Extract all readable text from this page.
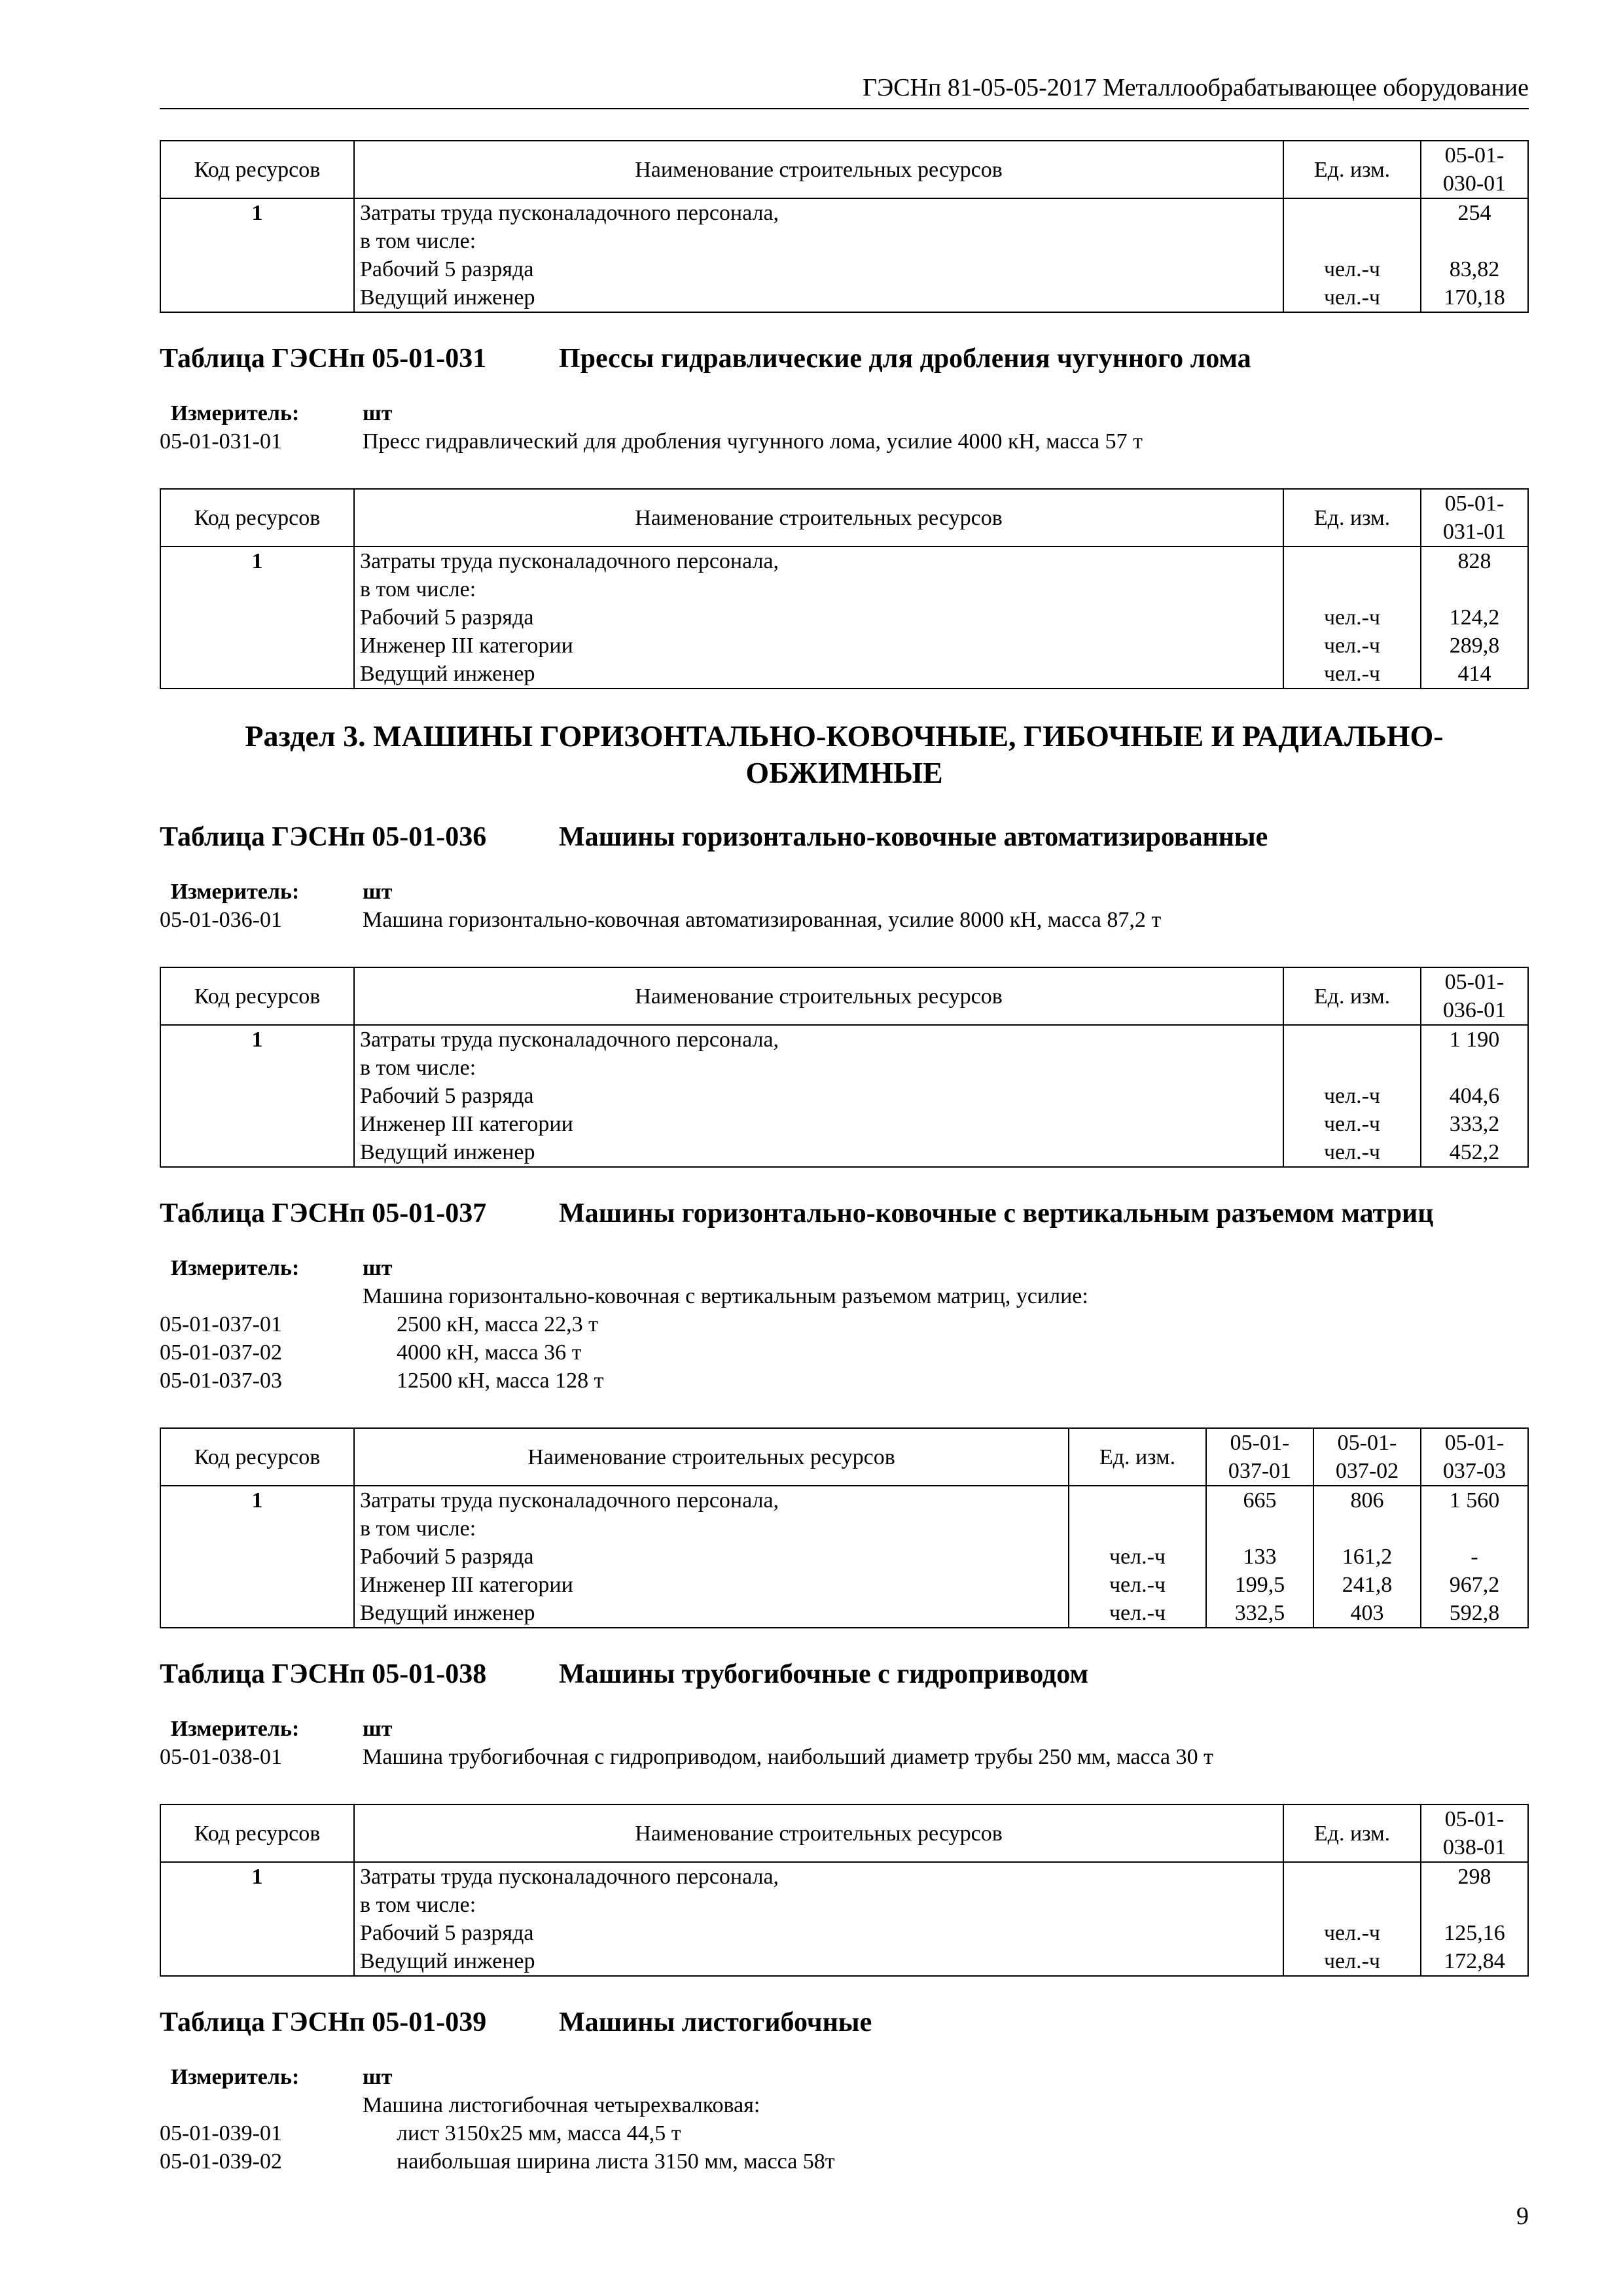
ГЭСНп 81-05-05-2017 Металлообрабатывающее оборудование
Код ресурсов	Наименование строительных ресурсов	Ед. изм.	05-01-030-01
1	Затраты труда пусконаладочного персонала,		254
	в том числе:		
	Рабочий 5 разряда	чел.-ч	83,82
	Ведущий инженер	чел.-ч	170,18
Таблица ГЭСНп 05-01-031	Прессы гидравлические для дробления чугунного лома
Измеритель:	шт
05-01-031-01	Пресс гидравлический для дробления чугунного лома, усилие 4000 кН, масса 57 т
Код ресурсов	Наименование строительных ресурсов	Ед. изм.	05-01-031-01
1	Затраты труда пусконаладочного персонала,		828
	в том числе:		
	Рабочий 5 разряда	чел.-ч	124,2
	Инженер III категории	чел.-ч	289,8
	Ведущий инженер	чел.-ч	414
Раздел 3. МАШИНЫ ГОРИЗОНТАЛЬНО-КОВОЧНЫЕ, ГИБОЧНЫЕ И РАДИАЛЬНО-ОБЖИМНЫЕ
Таблица ГЭСНп 05-01-036	Машины горизонтально-ковочные автоматизированные
Измеритель:	шт
05-01-036-01	Машина горизонтально-ковочная автоматизированная, усилие 8000 кН, масса 87,2 т
Код ресурсов	Наименование строительных ресурсов	Ед. изм.	05-01-036-01
1	Затраты труда пусконаладочного персонала,		1 190
	в том числе:		
	Рабочий 5 разряда	чел.-ч	404,6
	Инженер III категории	чел.-ч	333,2
	Ведущий инженер	чел.-ч	452,2
Таблица ГЭСНп 05-01-037	Машины горизонтально-ковочные с вертикальным разъемом матриц
Измеритель:	шт
Машина горизонтально-ковочная с вертикальным разъемом матриц, усилие:
05-01-037-01	2500 кН, масса 22,3 т
05-01-037-02	4000 кН, масса 36 т
05-01-037-03	12500 кН, масса 128 т
Код ресурсов	Наименование строительных ресурсов	Ед. изм.	05-01-037-01	05-01-037-02	05-01-037-03
1	Затраты труда пусконаладочного персонала,		665	806	1 560
	в том числе:				
	Рабочий 5 разряда	чел.-ч	133	161,2	-
	Инженер III категории	чел.-ч	199,5	241,8	967,2
	Ведущий инженер	чел.-ч	332,5	403	592,8
Таблица ГЭСНп 05-01-038	Машины трубогибочные с гидроприводом
Измеритель:	шт
05-01-038-01	Машина трубогибочная с гидроприводом, наибольший диаметр трубы 250 мм, масса 30 т
Код ресурсов	Наименование строительных ресурсов	Ед. изм.	05-01-038-01
1	Затраты труда пусконаладочного персонала,		298
	в том числе:		
	Рабочий 5 разряда	чел.-ч	125,16
	Ведущий инженер	чел.-ч	172,84
Таблица ГЭСНп 05-01-039	Машины листогибочные
Измеритель:	шт
Машина листогибочная четырехвалковая:
05-01-039-01	лист 3150х25 мм, масса 44,5 т
05-01-039-02	наибольшая ширина листа 3150 мм, масса 58т
9
